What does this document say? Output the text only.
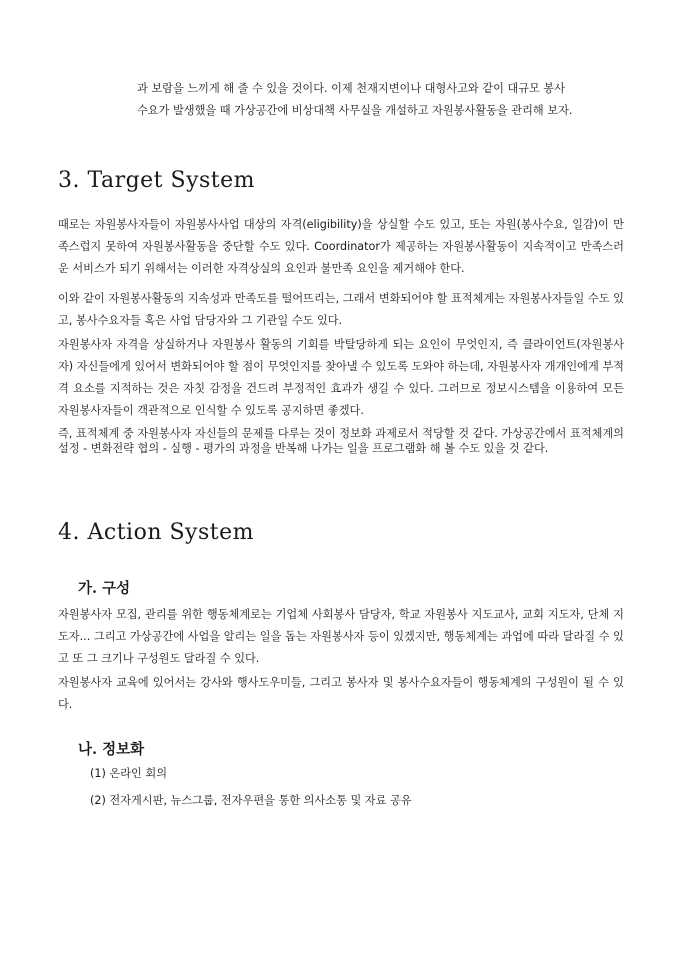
과 보람을 느끼게 해 줄 수 있을 것이다. 이제 천재지변이나 대형사고와 같이 대규모 봉사

수요가 발생했을 때 가상공간에 비상대책 사무실을 개설하고 자원봉사활동을 관리해 보자.

3. Target System

때로는 자원봉사자들이 자원봉사사업 대상의 자격(eligibility)을 상실할 수도 있고, 또는 자원(봉사수요, 일감)이 만족스럽지 못하여 자원봉사활동을 중단할 수도 있다. Coordinator가 제공하는 자원봉사활동이 지속적이고 만족스러운 서비스가 되기 위해서는 이러한 자격상실의 요인과 불만족 요인을 제거해야 한다.

이와 같이 자원봉사활동의 지속성과 만족도를 떨어뜨리는, 그래서 변화되어야 할 표적체계는 자원봉사자들일 수도 있고, 봉사수요자들 혹은 사업 담당자와 그 기관일 수도 있다.

자원봉사자 자격을 상실하거나 자원봉사 활동의 기회를 박탈당하게 되는 요인이 무엇인지, 즉 클라이언트(자원봉사자) 자신들에게 있어서 변화되어야 할 점이 무엇인지를 찾아낼 수 있도록 도와야 하는데, 자원봉사자 개개인에게 부적격 요소를 지적하는 것은 자칫 감정을 건드려 부정적인 효과가 생길 수 있다. 그러므로 정보시스템을 이용하여 모든 자원봉사자들이 객관적으로 인식할 수 있도록 공지하면 좋겠다.

즉, 표적체계 중 자원봉사자 자신들의 문제를 다루는 것이 정보화 과제로서 적당할 것 같다. 가상공간에서 표적체계의 설정 - 변화전략 협의 - 실행 - 평가의 과정을 반복해 나가는 일을 프로그램화 해 볼 수도 있을 것 같다.

4. Action System
가. 구성

자원봉사자 모집, 관리를 위한 행동체계로는 기업체 사회봉사 담당자, 학교 자원봉사 지도교사, 교회 지도자, 단체 지도자... 그리고 가상공간에 사업을 알리는 일을 돕는 자원봉사자 등이 있겠지만, 행동체계는 과업에 따라 달라질 수 있고 또 그 크기나 구성원도 달라질 수 있다.

자원봉사자 교육에 있어서는 강사와 행사도우미들, 그리고 봉사자 및 봉사수요자들이 행동체계의 구성원이 될 수 있다.

나. 정보화

(1) 온라인 회의

(2) 전자게시판, 뉴스그룹, 전자우편을 통한 의사소통 및 자료 공유
